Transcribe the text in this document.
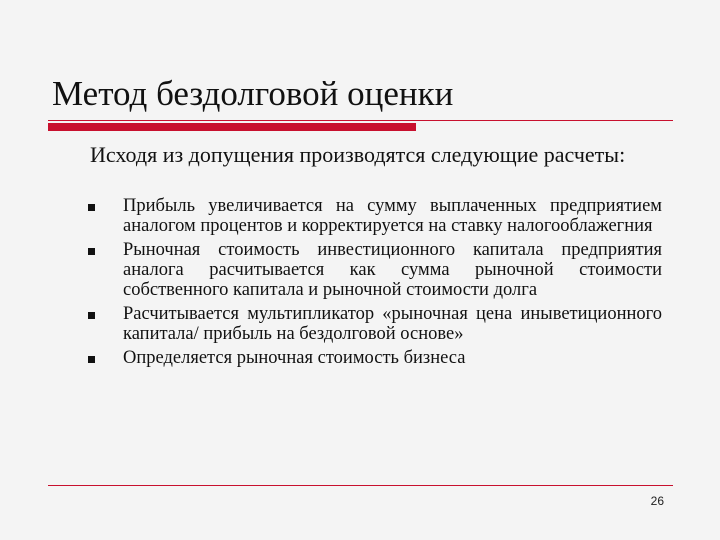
Метод бездолговой оценки
Исходя из допущения производятся следующие расчеты:
Прибыль увеличивается на сумму выплаченных предприятием аналогом процентов и корректируется на ставку налогооблажегния
Рыночная стоимость инвестиционного капитала предприятия аналога расчитывается как сумма рыночной стоимости собственного капитала и рыночной стоимости долга
Расчитывается мультипликатор «рыночная цена иныветиционного капитала/ прибыль на бездолговой основе»
Определяется рыночная стоимость бизнеса
26
